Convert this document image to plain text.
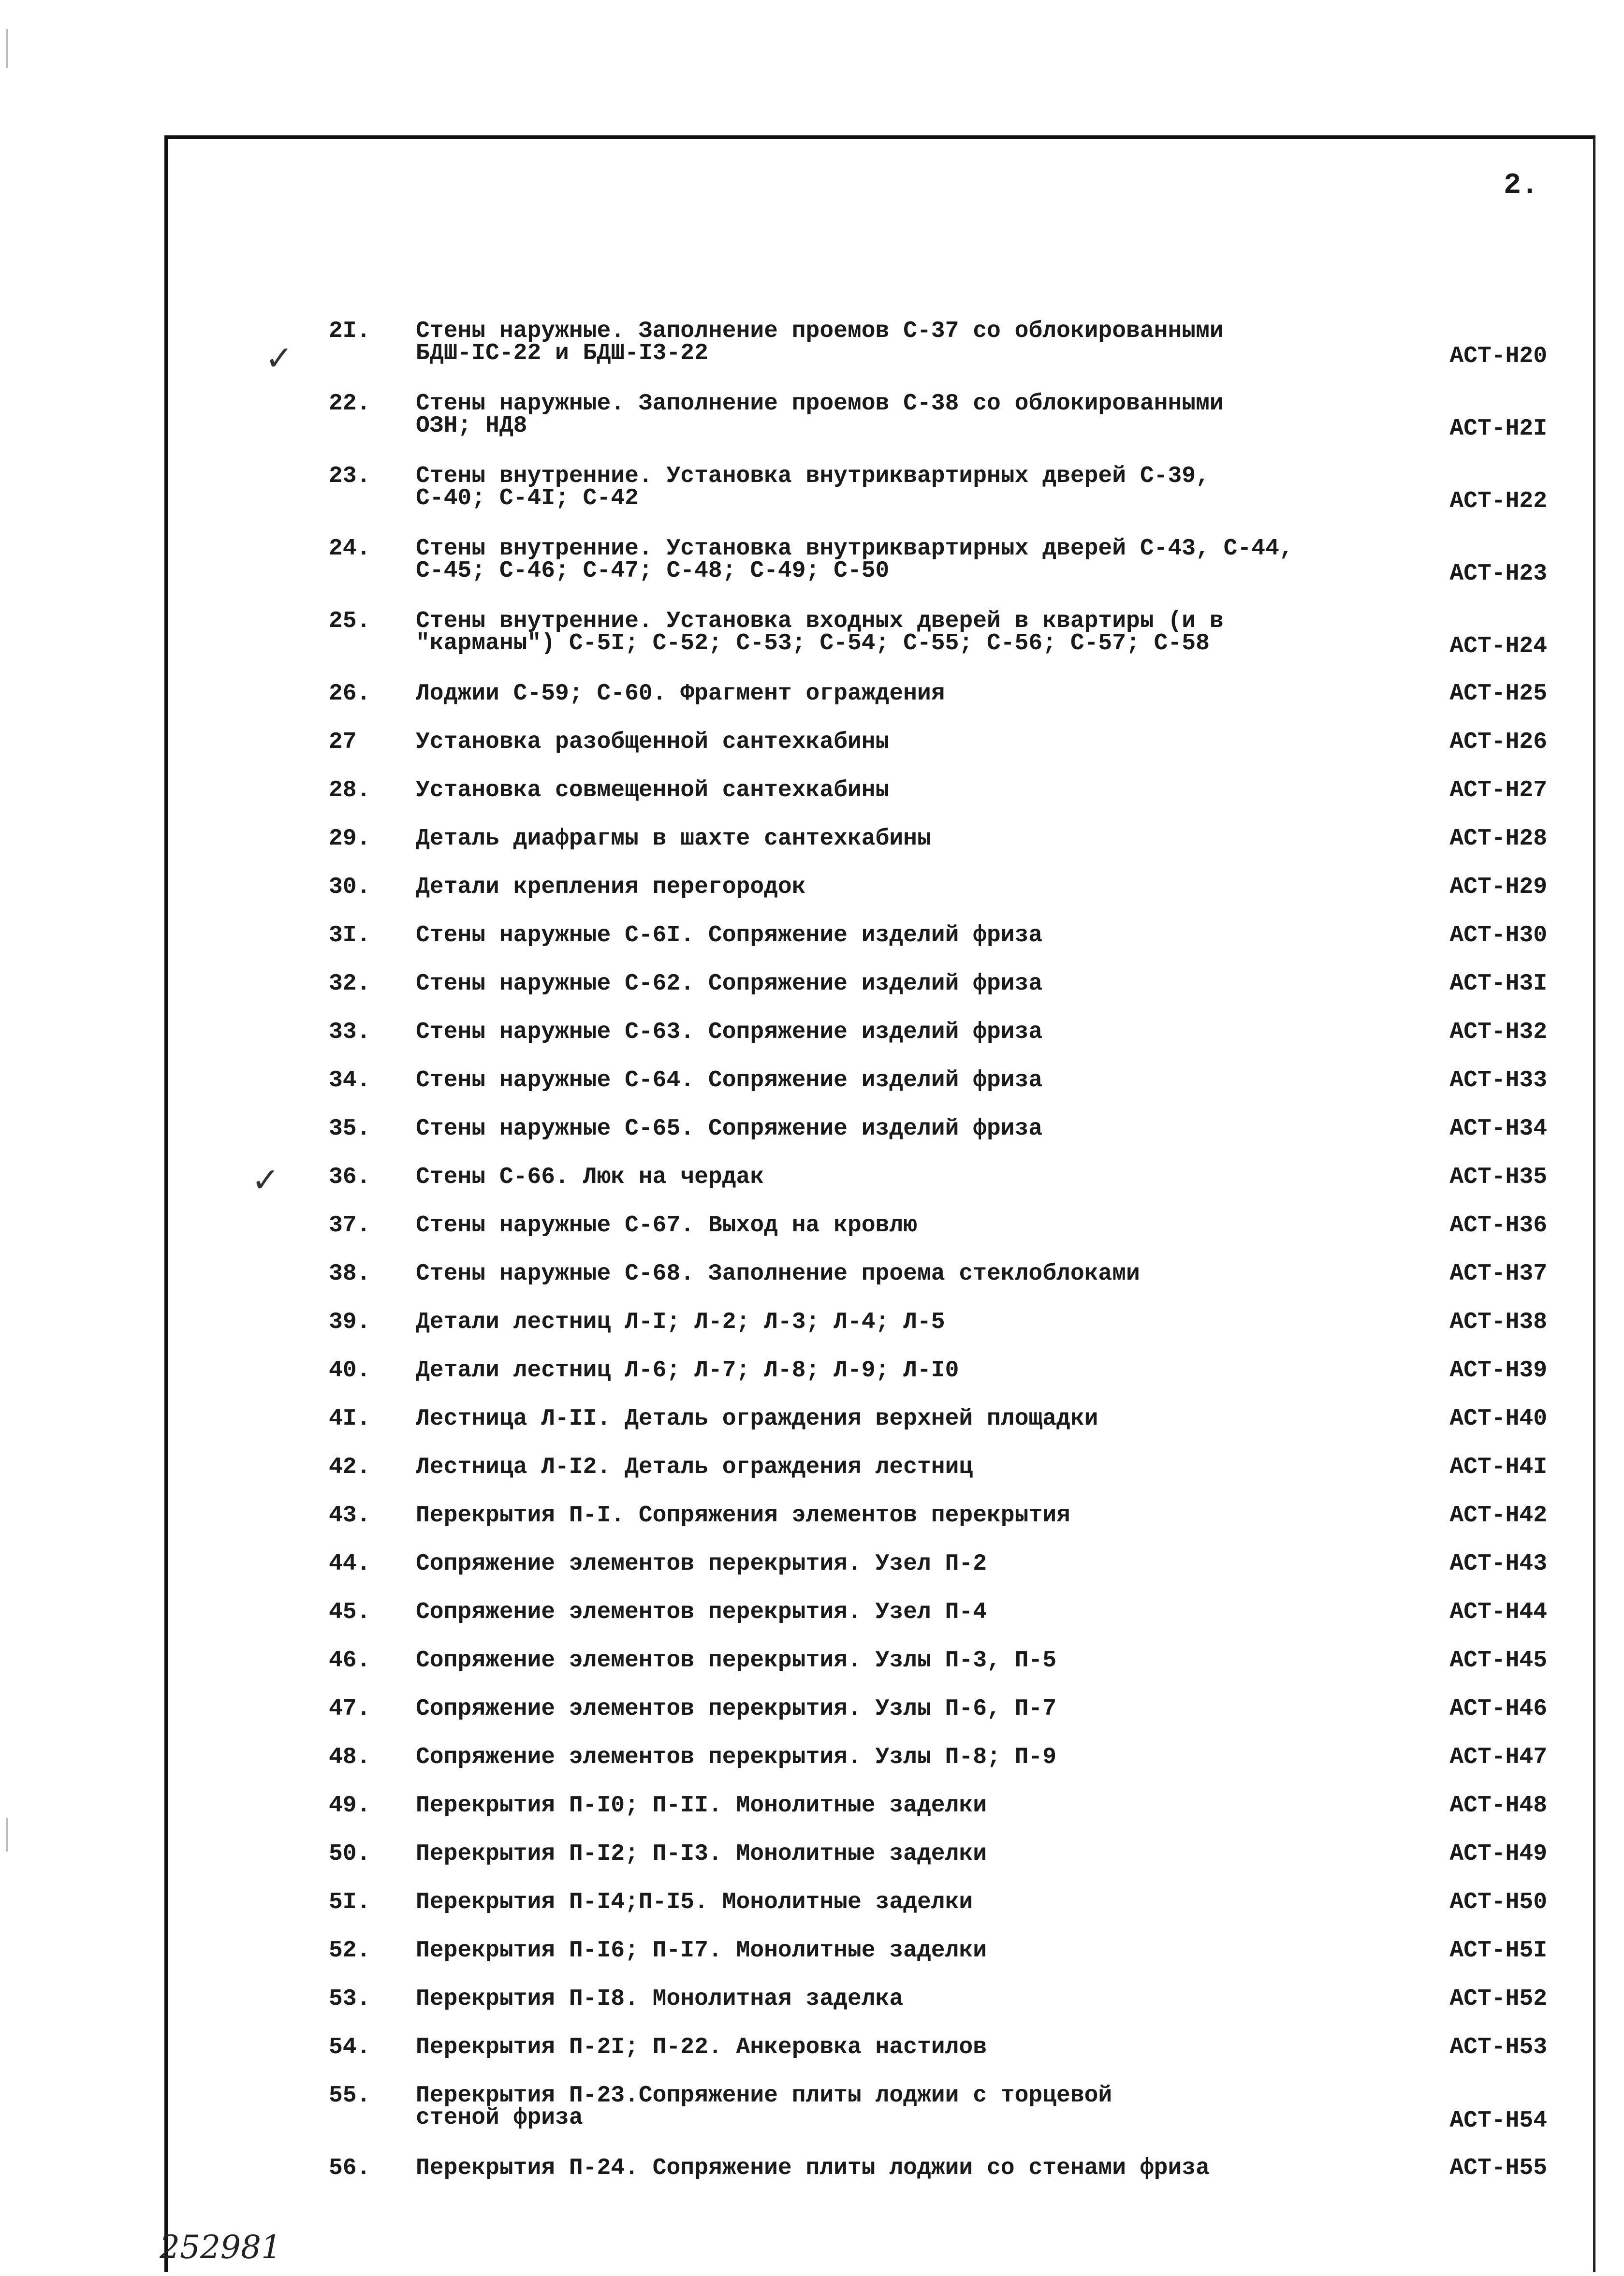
2.
✓
✓
2I.	Стены наружные. Заполнение проемов С-37 со облокированными
БДШ-IС-22 и БДШ-I3-22	АСТ-Н20
22.	Стены наружные. Заполнение проемов С-38 со облокированными
ОЗН; НД8	АСТ-Н2I
23.	Стены внутренние. Установка внутриквартирных дверей С-39,
С-40; С-4I; С-42	АСТ-Н22
24.	Стены внутренние. Установка внутриквартирных дверей С-43, С-44,
С-45; С-46; С-47; С-48; С-49; С-50	АСТ-Н23
25.	Стены внутренние. Установка входных дверей в квартиры (и в
"карманы") С-5I; С-52; С-53; С-54; С-55; С-56; С-57; С-58	АСТ-Н24
26.	Лоджии С-59; С-60. Фрагмент ограждения	АСТ-Н25
27	Установка разобщенной сантехкабины	АСТ-Н26
28.	Установка совмещенной сантехкабины	АСТ-Н27
29.	Деталь диафрагмы в шахте сантехкабины	АСТ-Н28
30.	Детали крепления перегородок	АСТ-Н29
3I.	Стены наружные С-6I. Сопряжение изделий фриза	АСТ-Н30
32.	Стены наружные С-62. Сопряжение изделий фриза	АСТ-Н3I
33.	Стены наружные С-63. Сопряжение изделий фриза	АСТ-Н32
34.	Стены наружные С-64. Сопряжение изделий фриза	АСТ-Н33
35.	Стены наружные С-65. Сопряжение изделий фриза	АСТ-Н34
36.	Стены С-66. Люк на чердак	АСТ-Н35
37.	Стены наружные С-67. Выход на кровлю	АСТ-Н36
38.	Стены наружные С-68. Заполнение проема стеклоблоками	АСТ-Н37
39.	Детали лестниц Л-I; Л-2; Л-3; Л-4; Л-5	АСТ-Н38
40.	Детали лестниц Л-6; Л-7; Л-8; Л-9; Л-I0	АСТ-Н39
4I.	Лестница Л-II. Деталь ограждения верхней площадки	АСТ-Н40
42.	Лестница Л-I2. Деталь ограждения лестниц	АСТ-Н4I
43.	Перекрытия П-I. Сопряжения элементов перекрытия	АСТ-Н42
44.	Сопряжение элементов перекрытия. Узел П-2	АСТ-Н43
45.	Сопряжение элементов перекрытия. Узел П-4	АСТ-Н44
46.	Сопряжение элементов перекрытия. Узлы П-3, П-5	АСТ-Н45
47.	Сопряжение элементов перекрытия. Узлы П-6, П-7	АСТ-Н46
48.	Сопряжение элементов перекрытия. Узлы П-8; П-9	АСТ-Н47
49.	Перекрытия П-I0; П-II. Монолитные заделки	АСТ-Н48
50.	Перекрытия П-I2; П-I3. Монолитные заделки	АСТ-Н49
5I.	Перекрытия П-I4;П-I5. Монолитные заделки	АСТ-Н50
52.	Перекрытия П-I6; П-I7. Монолитные заделки	АСТ-Н5I
53.	Перекрытия П-I8. Монолитная заделка	АСТ-Н52
54.	Перекрытия П-2I; П-22. Анкеровка настилов	АСТ-Н53
55.	Перекрытия П-23.Сопряжение плиты лоджии с торцевой
стеной фриза	АСТ-Н54
56.	Перекрытия П-24. Сопряжение плиты лоджии со стенами фриза	АСТ-Н55
252981
